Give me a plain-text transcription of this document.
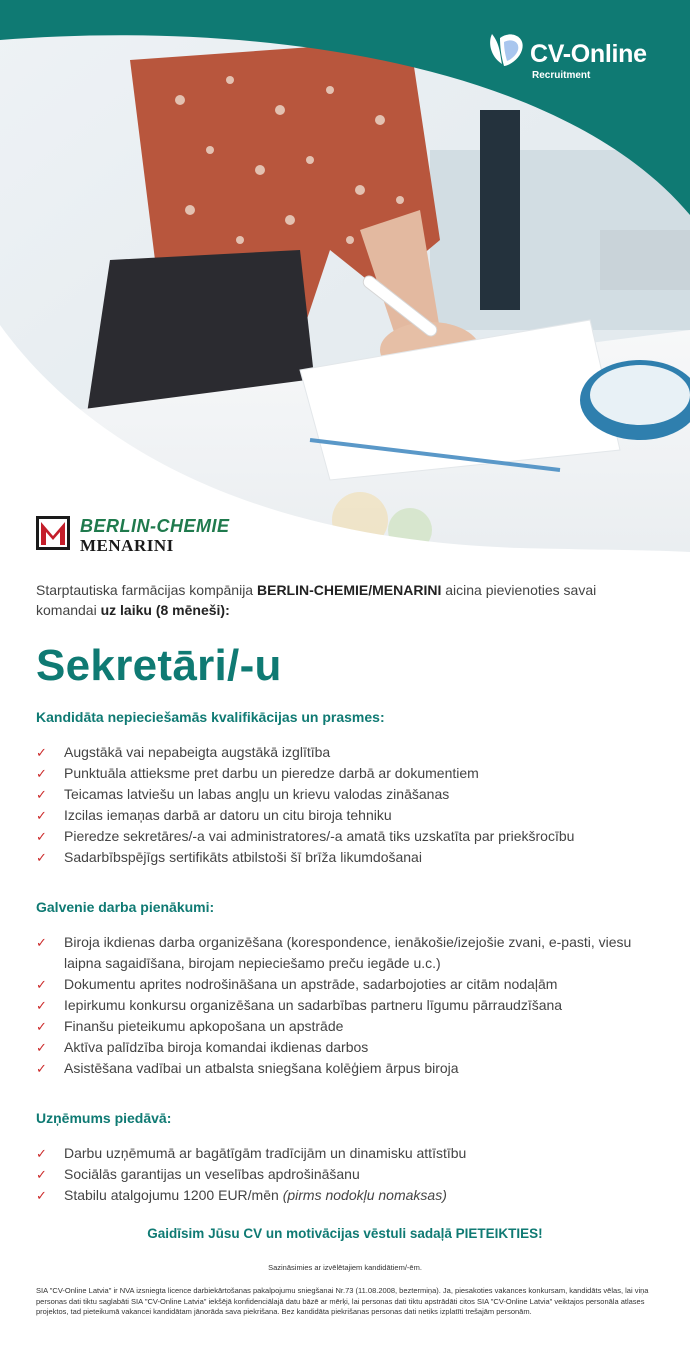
CV-Online
Recruitment
BERLIN-CHEMIE
MENARINI

Starptautiska farmācijas kompānija BERLIN-CHEMIE/MENARINI aicina pievienoties savai komandai uz laiku (8 mēneši):

Sekretāri/-u
Kandidāta nepieciešamās kvalifikācijas un prasmes:
✓ Augstākā vai nepabeigta augstākā izglītība
✓ Punktuāla attieksme pret darbu un pieredze darbā ar dokumentiem
✓ Teicamas latviešu un labas angļu un krievu valodas zināšanas
✓ Izcilas iemaņas darbā ar datoru un citu biroja tehniku
✓ Pieredze sekretāres/-a vai administratores/-a amatā tiks uzskatīta par priekšrocību
✓ Sadarbībspējīgs sertifikāts atbilstoši šī brīža likumdošanai
Galvenie darba pienākumi:
✓ Biroja ikdienas darba organizēšana (korespondence, ienākošie/izejošie zvani, e-pasti, viesu laipna sagaidīšana, birojam nepieciešamo preču iegāde u.c.)
✓ Dokumentu aprites nodrošināšana un apstrāde, sadarbojoties ar citām nodaļām
✓ Iepirkumu konkursu organizēšana un sadarbības partneru līgumu pārraudzīšana
✓ Finanšu pieteikumu apkopošana un apstrāde
✓ Aktīva palīdzība biroja komandai ikdienas darbos
✓ Asistēšana vadībai un atbalsta sniegšana kolēģiem ārpus biroja
Uzņēmums piedāvā:
✓ Darbu uzņēmumā ar bagātīgām tradīcijām un dinamisku attīstību
✓ Sociālās garantijas un veselības apdrošināšanu
✓ Stabilu atalgojumu 1200 EUR/mēn (pirms nodokļu nomaksas)

Gaidīsim Jūsu CV un motivācijas vēstuli sadaļā PIETEIKTIES!

Sazināsimies ar izvēlētajiem kandidātiem/-ēm.

SIA "CV-Online Latvia" ir NVA izsniegta licence darbiekārtošanas pakalpojumu sniegšanai Nr.73 (11.08.2008, beztermiņa). Ja, piesakoties vakances konkursam, kandidāts vēlas, lai viņa personas dati tiktu saglabāti SIA "CV-Online Latvia" iekšējā konfidenciālajā datu bāzē ar mērķi, lai personas dati tiktu apstrādāti citos SIA "CV-Online Latvia" veiktajos personāla atlases projektos, tad pieteikumā vakancei kandidātam jānorāda sava piekrišana. Bez kandidāta piekrišanas personas dati netiks izplatīti trešajām personām.
